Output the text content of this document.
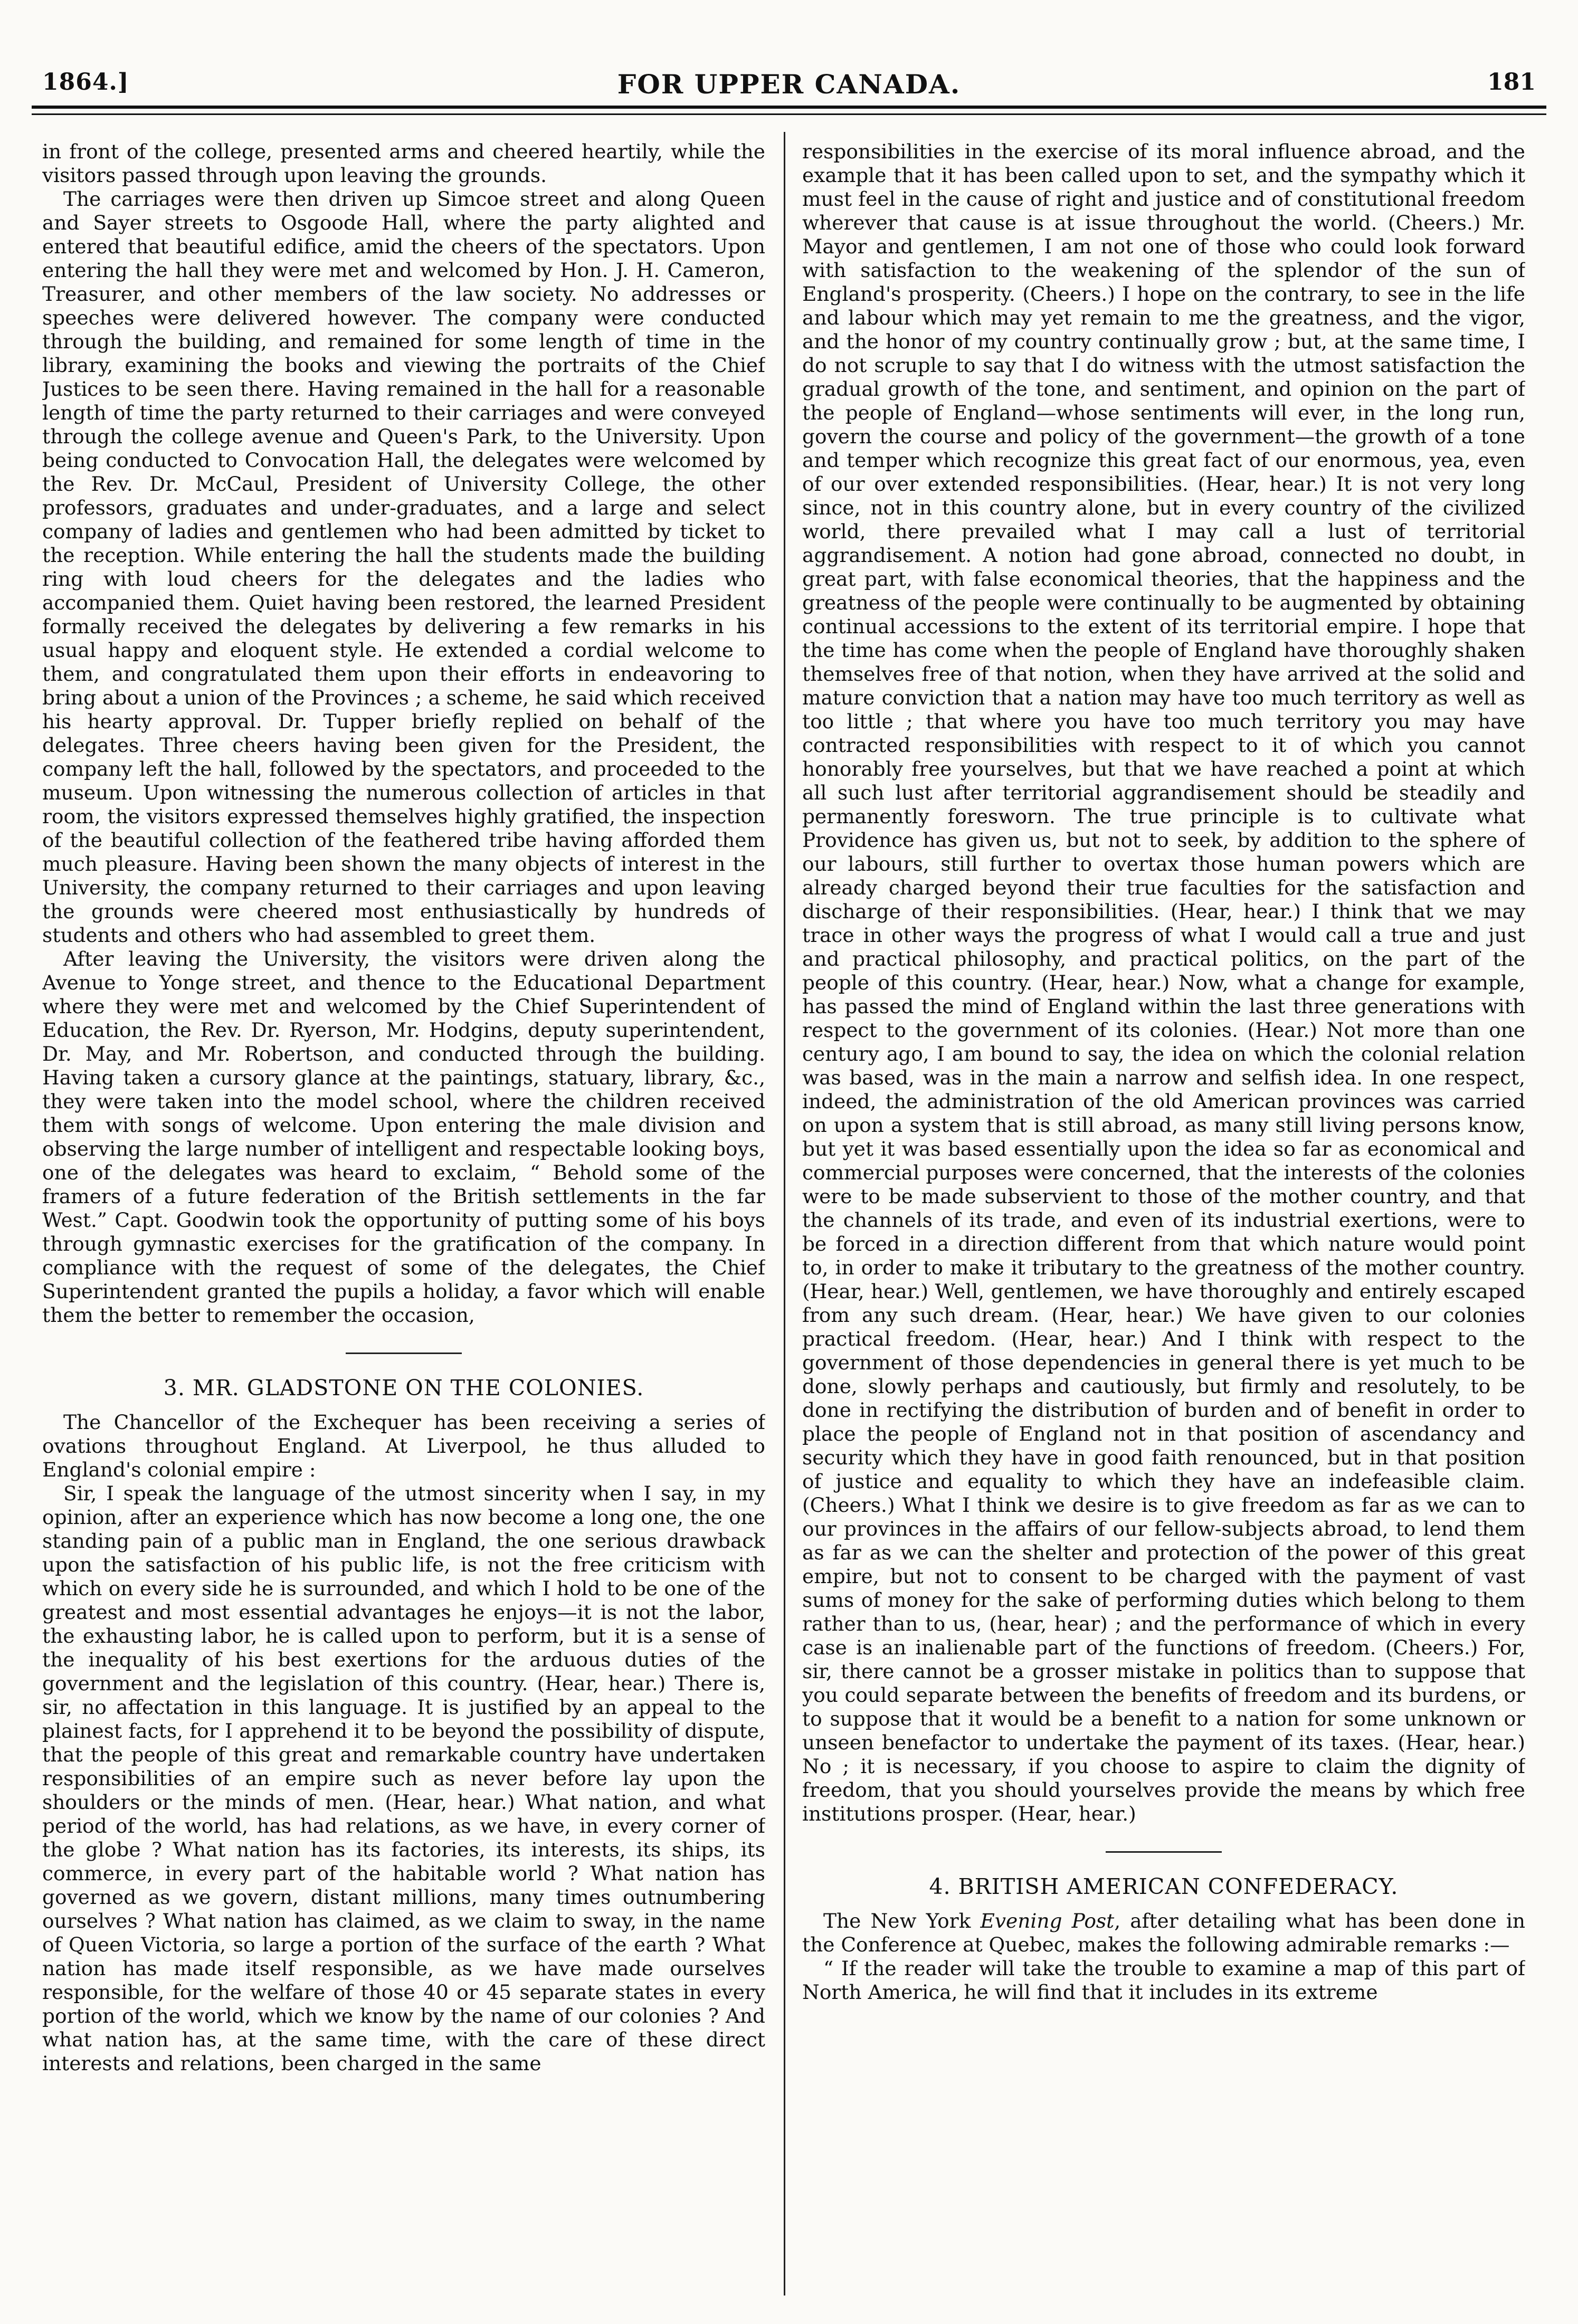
1864.]	FOR UPPER CANADA.	181

in front of the college, presented arms and cheered heartily, while the visitors passed through upon leaving the grounds.

The carriages were then driven up Simcoe street and along Queen and Sayer streets to Osgoode Hall, where the party alighted and entered that beautiful edifice, amid the cheers of the spectators. Upon entering the hall they were met and welcomed by Hon. J. H. Cameron, Treasurer, and other members of the law society. No addresses or speeches were delivered however. The company were conducted through the building, and remained for some length of time in the library, examining the books and viewing the portraits of the Chief Justices to be seen there. Having remained in the hall for a reasonable length of time the party returned to their carriages and were conveyed through the college avenue and Queen's Park, to the University. Upon being conducted to Convocation Hall, the delegates were welcomed by the Rev. Dr. McCaul, President of University College, the other professors, graduates and under-graduates, and a large and select company of ladies and gentlemen who had been admitted by ticket to the reception. While entering the hall the students made the building ring with loud cheers for the delegates and the ladies who accompanied them. Quiet having been restored, the learned President formally received the delegates by delivering a few remarks in his usual happy and eloquent style. He extended a cordial welcome to them, and congratulated them upon their efforts in endeavoring to bring about a union of the Provinces ; a scheme, he said which received his hearty approval. Dr. Tupper briefly replied on behalf of the delegates. Three cheers having been given for the President, the company left the hall, followed by the spectators, and proceeded to the museum. Upon witnessing the numerous collection of articles in that room, the visitors expressed themselves highly gratified, the inspection of the beautiful collection of the feathered tribe having afforded them much pleasure. Having been shown the many objects of interest in the University, the company returned to their carriages and upon leaving the grounds were cheered most enthusiastically by hundreds of students and others who had assembled to greet them.

After leaving the University, the visitors were driven along the Avenue to Yonge street, and thence to the Educational Department where they were met and welcomed by the Chief Superintendent of Education, the Rev. Dr. Ryerson, Mr. Hodgins, deputy superintendent, Dr. May, and Mr. Robertson, and conducted through the building. Having taken a cursory glance at the paintings, statuary, library, &c., they were taken into the model school, where the children received them with songs of welcome. Upon entering the male division and observing the large number of intelligent and respectable looking boys, one of the delegates was heard to exclaim, “ Behold some of the framers of a future federation of the British settlements in the far West.” Capt. Goodwin took the opportunity of putting some of his boys through gymnastic exercises for the gratification of the company. In compliance with the request of some of the delegates, the Chief Superintendent granted the pupils a holiday, a favor which will enable them the better to remember the occasion,

3. MR. GLADSTONE ON THE COLONIES.

The Chancellor of the Exchequer has been receiving a series of ovations throughout England. At Liverpool, he thus alluded to England's colonial empire :

Sir, I speak the language of the utmost sincerity when I say, in my opinion, after an experience which has now become a long one, the one standing pain of a public man in England, the one serious drawback upon the satisfaction of his public life, is not the free criticism with which on every side he is surrounded, and which I hold to be one of the greatest and most essential advantages he enjoys—it is not the labor, the exhausting labor, he is called upon to perform, but it is a sense of the inequality of his best exertions for the arduous duties of the government and the legislation of this country. (Hear, hear.) There is, sir, no affectation in this language. It is justified by an appeal to the plainest facts, for I apprehend it to be beyond the possibility of dispute, that the people of this great and remarkable country have undertaken responsibilities of an empire such as never before lay upon the shoulders or the minds of men. (Hear, hear.) What nation, and what period of the world, has had relations, as we have, in every corner of the globe ? What nation has its factories, its interests, its ships, its commerce, in every part of the habitable world ? What nation has governed as we govern, distant millions, many times outnumbering ourselves ? What nation has claimed, as we claim to sway, in the name of Queen Victoria, so large a portion of the surface of the earth ? What nation has made itself responsible, as we have made ourselves responsible, for the welfare of those 40 or 45 separate states in every portion of the world, which we know by the name of our colonies ? And what nation has, at the same time, with the care of these direct interests and relations, been charged in the same

responsibilities in the exercise of its moral influence abroad, and the example that it has been called upon to set, and the sympathy which it must feel in the cause of right and justice and of constitutional freedom wherever that cause is at issue throughout the world. (Cheers.) Mr. Mayor and gentlemen, I am not one of those who could look forward with satisfaction to the weakening of the splendor of the sun of England's prosperity. (Cheers.) I hope on the contrary, to see in the life and labour which may yet remain to me the greatness, and the vigor, and the honor of my country continually grow ; but, at the same time, I do not scruple to say that I do witness with the utmost satisfaction the gradual growth of the tone, and sentiment, and opinion on the part of the people of England—whose sentiments will ever, in the long run, govern the course and policy of the government—the growth of a tone and temper which recognize this great fact of our enormous, yea, even of our over extended responsibilities. (Hear, hear.) It is not very long since, not in this country alone, but in every country of the civilized world, there prevailed what I may call a lust of territorial aggrandisement. A notion had gone abroad, connected no doubt, in great part, with false economical theories, that the happiness and the greatness of the people were continually to be augmented by obtaining continual accessions to the extent of its territorial empire. I hope that the time has come when the people of England have thoroughly shaken themselves free of that notion, when they have arrived at the solid and mature conviction that a nation may have too much territory as well as too little ; that where you have too much territory you may have contracted responsibilities with respect to it of which you cannot honorably free yourselves, but that we have reached a point at which all such lust after territorial aggrandisement should be steadily and permanently foresworn. The true principle is to cultivate what Providence has given us, but not to seek, by addition to the sphere of our labours, still further to overtax those human powers which are already charged beyond their true faculties for the satisfaction and discharge of their responsibilities. (Hear, hear.) I think that we may trace in other ways the progress of what I would call a true and just and practical philosophy, and practical politics, on the part of the people of this country. (Hear, hear.) Now, what a change for example, has passed the mind of England within the last three generations with respect to the government of its colonies. (Hear.) Not more than one century ago, I am bound to say, the idea on which the colonial relation was based, was in the main a narrow and selfish idea. In one respect, indeed, the administration of the old American provinces was carried on upon a system that is still abroad, as many still living persons know, but yet it was based essentially upon the idea so far as economical and commercial purposes were concerned, that the interests of the colonies were to be made subservient to those of the mother country, and that the channels of its trade, and even of its industrial exertions, were to be forced in a direction different from that which nature would point to, in order to make it tributary to the greatness of the mother country. (Hear, hear.) Well, gentlemen, we have thoroughly and entirely escaped from any such dream. (Hear, hear.) We have given to our colonies practical freedom. (Hear, hear.) And I think with respect to the government of those dependencies in general there is yet much to be done, slowly perhaps and cautiously, but firmly and resolutely, to be done in rectifying the distribution of burden and of benefit in order to place the people of England not in that position of ascendancy and security which they have in good faith renounced, but in that position of justice and equality to which they have an indefeasible claim. (Cheers.) What I think we desire is to give freedom as far as we can to our provinces in the affairs of our fellow-subjects abroad, to lend them as far as we can the shelter and protection of the power of this great empire, but not to consent to be charged with the payment of vast sums of money for the sake of performing duties which belong to them rather than to us, (hear, hear) ; and the performance of which in every case is an inalienable part of the functions of freedom. (Cheers.) For, sir, there cannot be a grosser mistake in politics than to suppose that you could separate between the benefits of freedom and its burdens, or to suppose that it would be a benefit to a nation for some unknown or unseen benefactor to undertake the payment of its taxes. (Hear, hear.) No ; it is necessary, if you choose to aspire to claim the dignity of freedom, that you should yourselves provide the means by which free institutions prosper. (Hear, hear.)

4. BRITISH AMERICAN CONFEDERACY.

The New York Evening Post, after detailing what has been done in the Conference at Quebec, makes the following admirable remarks :—

“ If the reader will take the trouble to examine a map of this part of North America, he will find that it includes in its extreme
